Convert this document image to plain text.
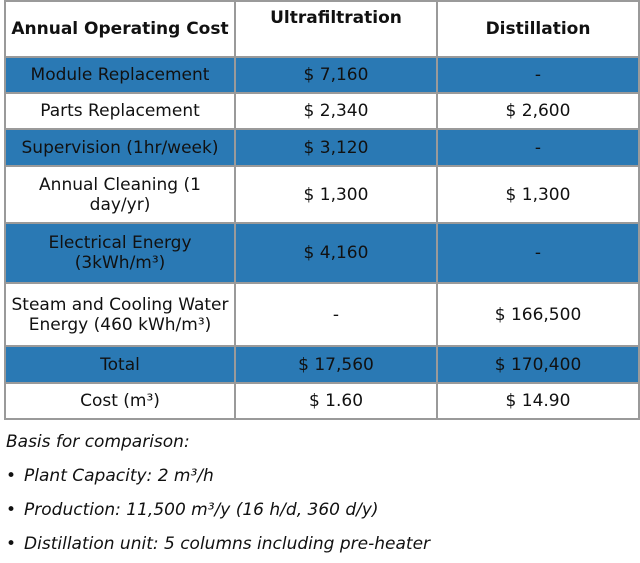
Annual Operating Cost	Ultrafiltration	Distillation
Module Replacement	$ 7,160	-
Parts Replacement	$ 2,340	$ 2,600
Supervision (1hr/week)	$ 3,120	-
Annual Cleaning (1 day/yr)	$ 1,300	$ 1,300
Electrical Energy (3kWh/m³)	$ 4,160	-
Steam and Cooling Water Energy (460 kWh/m³)	-	$ 166,500
Total	$ 17,560	$ 170,400
Cost (m³)	$ 1.60	$ 14.90
Basis for comparison:
• Plant Capacity: 2 m³/h
• Production: 11,500 m³/y (16 h/d, 360 d/y)
• Distillation unit: 5 columns including pre-heater
